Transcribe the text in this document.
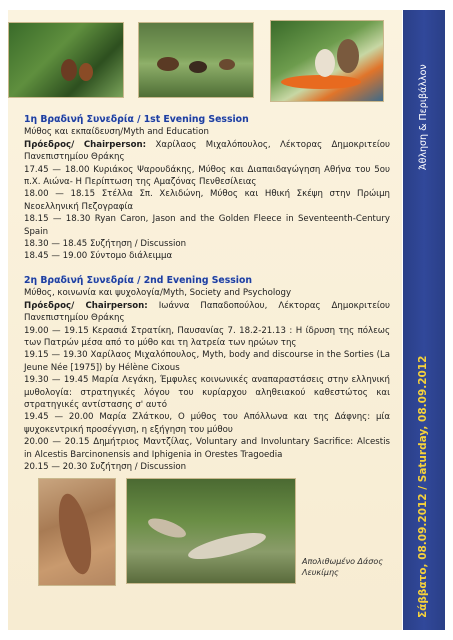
Άθληση & Περιβάλλον
Σάββατο, 08.09.2012 / Saturday, 08.09.2012

1η Βραδινή Συνεδρία / 1st Evening Session

Μύθος και εκπαίδευση/Myth and Education

Πρόεδρος/ Chairperson: Χαρίλαος Μιχαλόπουλος, Λέκτορας Δημοκριτείου Πανεπιστημίου Θράκης

17.45 — 18.00 Κυριάκος Ψαρουδάκης, Μύθος και Διαπαιδαγώγηση Αθήνα του 5ου π.Χ. Αιώνα- Η Περίπτωση της Αμαζόνας Πενθεσίλειας

18.00 — 18.15 Στέλλα Σπ. Χελιδώνη, Μύθος και Ηθική Σκέψη στην Πρώιμη Νεοελληνική Πεζογραφία

18.15 — 18.30 Ryan Caron, Jason and the Golden Fleece in Seventeenth-Century Spain

18.30 — 18.45 Συζήτηση / Discussion

18.45 — 19.00 Σύντομο διάλειμμα

2η Βραδινή Συνεδρία / 2nd Evening Session

Μύθος, κοινωνία και ψυχολογία/Myth, Society and Psychology

Πρόεδρος/ Chairperson: Ιωάννα Παπαδοπούλου, Λέκτορας Δημοκριτείου Πανεπιστημίου Θράκης

19.00 — 19.15 Κερασιά Στρατίκη, Παυσανίας 7. 18.2-21.13 : Η ίδρυση της πόλεως των Πατρών μέσα από το μύθο και τη λατρεία των ηρώων της

19.15 — 19.30 Χαρίλαος Μιχαλόπουλος, Myth, body and discourse in the Sorties (La Jeune Née [1975]) by Hélène Cixous

19.30 — 19.45 Μαρία Λεγάκη, Έμφυλες κοινωνικές αναπαραστάσεις στην ελληνική μυθολογία: στρατηγικές λόγου του κυρίαρχου αληθειακού καθεστώτος και στρατηγικές αντίστασης σ' αυτό

19.45 — 20.00 Μαρία Ζλάτκου, Ο μύθος του Απόλλωνα και της Δάφνης: μία ψυχοκεντρική προσέγγιση, η εξήγηση του μύθου

20.00 — 20.15 Δημήτριος Μαντζίλας, Voluntary and Involuntary Sacrifice: Alcestis in Alcestis Barcinonensis and Iphigenia in Orestes Tragoedia

20.15 — 20.30 Συζήτηση / Discussion

Απολιθωμένο Δάσος
Λευκίμης
